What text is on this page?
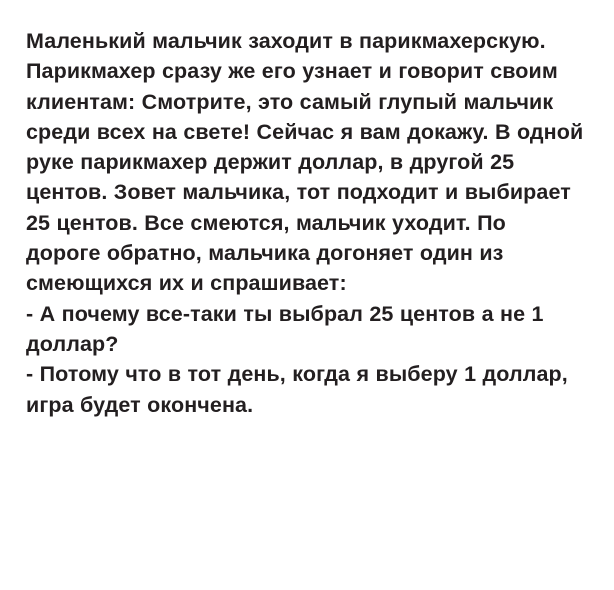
Маленький мальчик заходит в парикмахерскую. Парикмахер сразу же его узнает и говорит своим клиентам: Смотрите, это самый глупый мальчик среди всех на свете! Сейчас я вам докажу. В одной руке парикмахер держит доллар, в другой 25 центов. Зовет мальчика, тот подходит и выбирает 25 центов. Все смеются, мальчик уходит. По дороге обратно, мальчика догоняет один из смеющихся их и спрашивает:

- А почему все-таки ты выбрал 25 центов а не 1 доллар?

- Потому что в тот день, когда я выберу 1 доллар, игра будет окончена.
